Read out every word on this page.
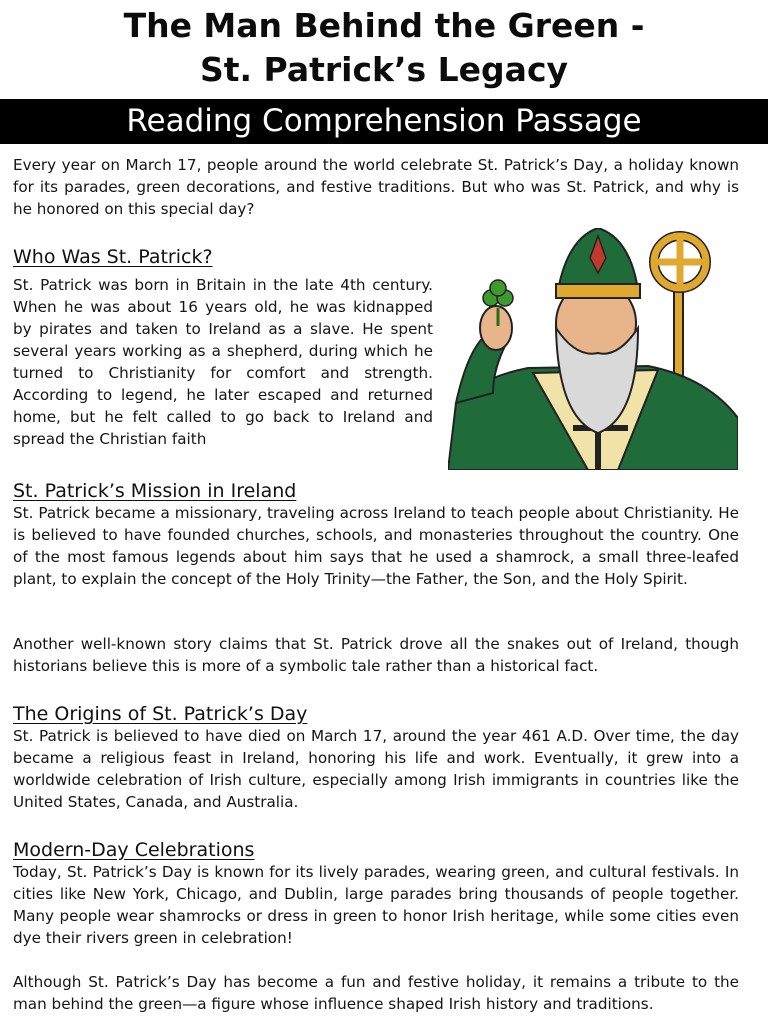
The Man Behind the Green -
St. Patrick’s Legacy
Reading Comprehension Passage

Every year on March 17, people around the world celebrate St. Patrick’s Day, a holiday known for its parades, green decorations, and festive traditions. But who was St. Patrick, and why is he honored on this special day?

Who Was St. Patrick?

St. Patrick was born in Britain in the late 4th century. When he was about 16 years old, he was kidnapped by pirates and taken to Ireland as a slave. He spent several years working as a shepherd, during which he turned to Christianity for comfort and strength. According to legend, he later escaped and returned home, but he felt called to go back to Ireland and spread the Christian faith

St. Patrick’s Mission in Ireland

St. Patrick became a missionary, traveling across Ireland to teach people about Christianity. He is believed to have founded churches, schools, and monasteries throughout the country. One of the most famous legends about him says that he used a shamrock, a small three-leafed plant, to explain the concept of the Holy Trinity—the Father, the Son, and the Holy Spirit.

Another well-known story claims that St. Patrick drove all the snakes out of Ireland, though historians believe this is more of a symbolic tale rather than a historical fact.

The Origins of St. Patrick’s Day

St. Patrick is believed to have died on March 17, around the year 461 A.D. Over time, the day became a religious feast in Ireland, honoring his life and work. Eventually, it grew into a worldwide celebration of Irish culture, especially among Irish immigrants in countries like the United States, Canada, and Australia.

Modern-Day Celebrations

Today, St. Patrick’s Day is known for its lively parades, wearing green, and cultural festivals. In cities like New York, Chicago, and Dublin, large parades bring thousands of people together. Many people wear shamrocks or dress in green to honor Irish heritage, while some cities even dye their rivers green in celebration!

Although St. Patrick’s Day has become a fun and festive holiday, it remains a tribute to the man behind the green—a figure whose influence shaped Irish history and traditions.
